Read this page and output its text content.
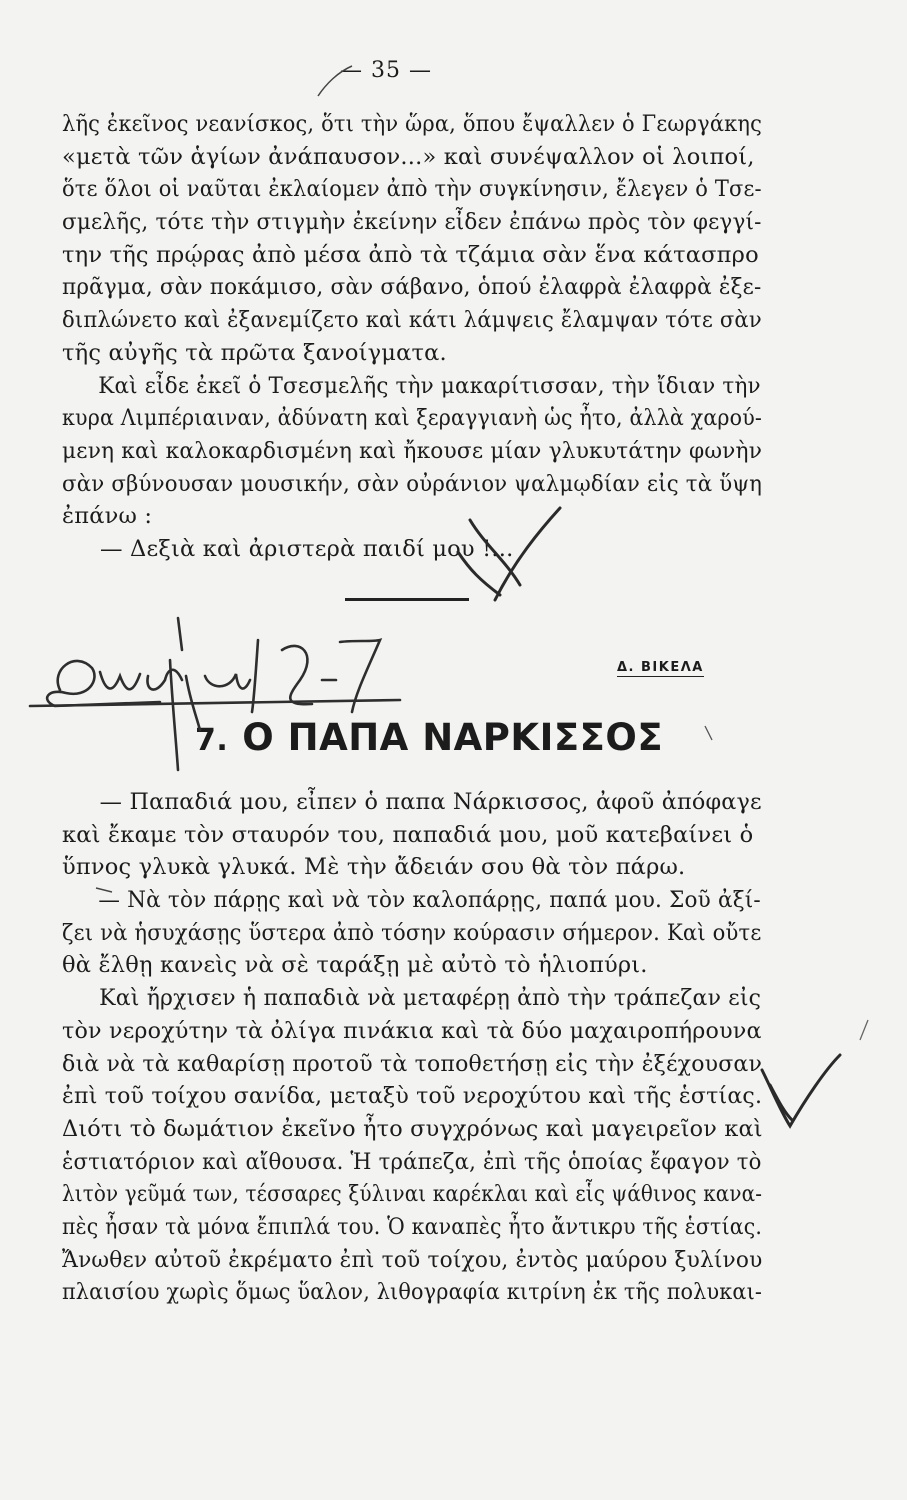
— 35 —
λῆς ἐκεῖνος νεανίσκος, ὅτι τὴν ὥρα, ὅπου ἔψαλλεν ὁ Γεωργάκης
«μετὰ τῶν ἁγίων ἀνάπαυσον...» καὶ συνέψαλλον οἱ λοιποί,
ὅτε ὅλοι οἱ ναῦται ἐκλαίομεν ἀπὸ τὴν συγκίνησιν, ἔλεγεν ὁ Τσε-
σμελῆς, τότε τὴν στιγμὴν ἐκείνην εἶδεν ἐπάνω πρὸς τὸν φεγγί-
την τῆς πρῴρας ἀπὸ μέσα ἀπὸ τὰ τζάμια σὰν ἕνα κάτασπρο
πρᾶγμα, σὰν ποκάμισο, σὰν σάβανο, ὁπού ἐλαφρὰ ἐλαφρὰ ἐξε-
διπλώνετο καὶ ἐξανεμίζετο καὶ κάτι λάμψεις ἔλαμψαν τότε σὰν
τῆς αὐγῆς τὰ πρῶτα ξανοίγματα.
Καὶ εἶδε ἐκεῖ ὁ Τσεσμελῆς τὴν μακαρίτισσαν, τὴν ἴδιαν τὴν
κυρα Λιμπέριαιναν, ἀδύνατη καὶ ξεραγγιανὴ ὡς ἦτο, ἀλλὰ χαρού-
μενη καὶ καλοκαρδισμένη καὶ ἤκουσε μίαν γλυκυτάτην φωνὴν
σὰν σβύνουσαν μουσικήν, σὰν οὐράνιον ψαλμῳδίαν εἰς τὰ ὕψη
ἐπάνω :
— Δεξιὰ καὶ ἀριστερὰ παιδί μου !...
Δ. ΒΙΚΕΛΑ
7. Ο ΠΑΠΑ ΝΑΡΚΙΣΣΟΣ
— Παπαδιά μου, εἶπεν ὁ παπα Νάρκισσος, ἀφοῦ ἀπόφαγε
καὶ ἔκαμε τὸν σταυρόν του, παπαδιά μου, μοῦ κατεβαίνει ὁ
ὕπνος γλυκὰ γλυκά. Μὲ τὴν ἄδειάν σου θὰ τὸν πάρω.
— Νὰ τὸν πάρῃς καὶ νὰ τὸν καλοπάρῃς, παπά μου. Σοῦ ἀξί-
ζει νὰ ἡσυχάσῃς ὕστερα ἀπὸ τόσην κούρασιν σήμερον. Καὶ οὔτε
θὰ ἔλθῃ κανεὶς νὰ σὲ ταράξῃ μὲ αὐτὸ τὸ ἡλιοπύρι.
Καὶ ἤρχισεν ἡ παπαδιὰ νὰ μεταφέρῃ ἀπὸ τὴν τράπεζαν εἰς
τὸν νεροχύτην τὰ ὀλίγα πινάκια καὶ τὰ δύο μαχαιροπήρουνα
διὰ νὰ τὰ καθαρίσῃ προτοῦ τὰ τοποθετήσῃ εἰς τὴν ἐξέχουσαν
ἐπὶ τοῦ τοίχου σανίδα, μεταξὺ τοῦ νεροχύτου καὶ τῆς ἑστίας.
Διότι τὸ δωμάτιον ἐκεῖνο ἦτο συγχρόνως καὶ μαγειρεῖον καὶ
ἑστιατόριον καὶ αἴθουσα. Ἡ τράπεζα, ἐπὶ τῆς ὁποίας ἔφαγον τὸ
λιτὸν γεῦμά των, τέσσαρες ξύλιναι καρέκλαι καὶ εἷς ψάθινος κανα-
πὲς ἦσαν τὰ μόνα ἔπιπλά του. Ὁ καναπὲς ἦτο ἄντικρυ τῆς ἑστίας.
Ἄνωθεν αὐτοῦ ἐκρέματο ἐπὶ τοῦ τοίχου, ἐντὸς μαύρου ξυλίνου
πλαισίου χωρὶς ὅμως ὕαλον, λιθογραφία κιτρίνη ἐκ τῆς πολυκαι-
